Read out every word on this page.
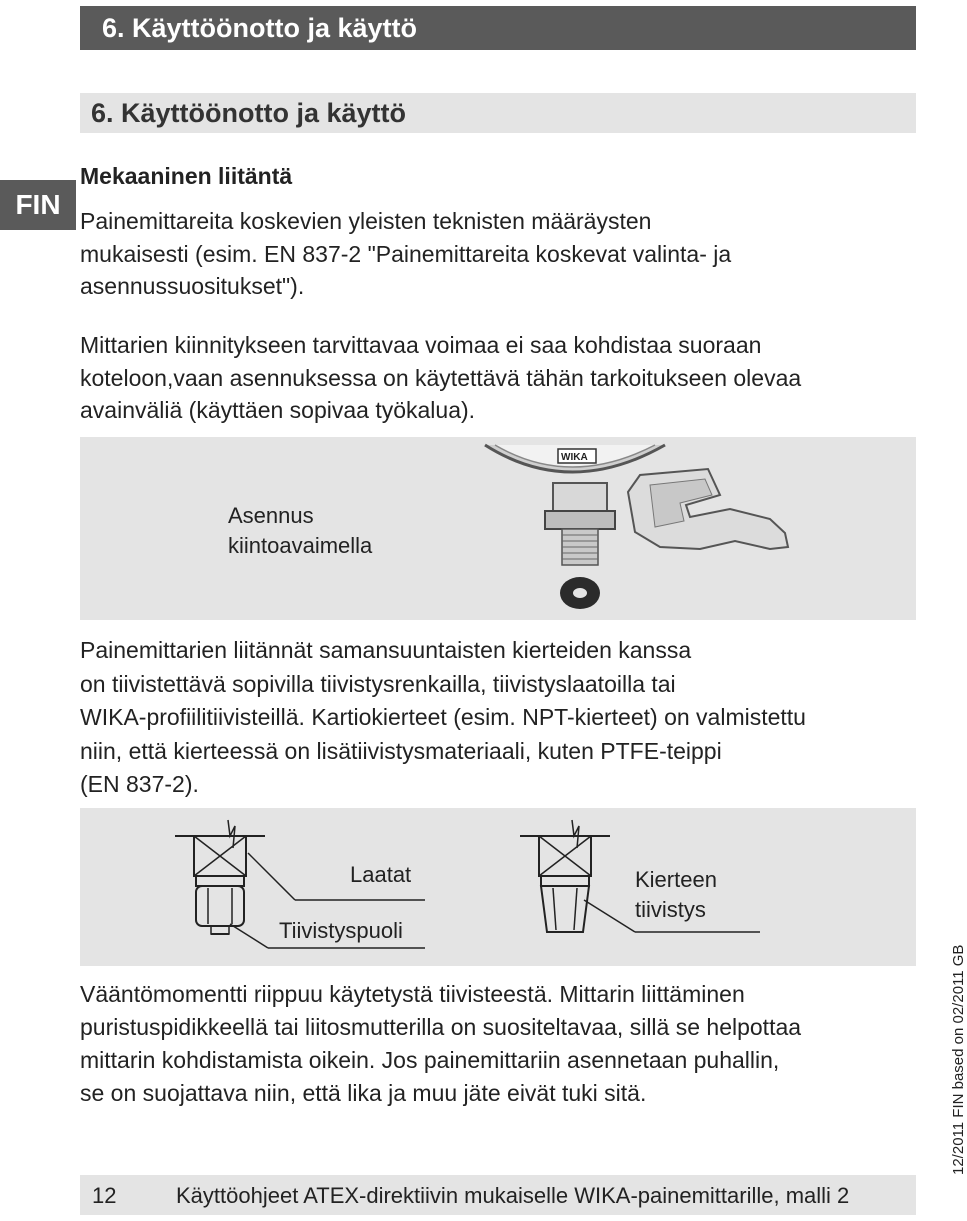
6. Käyttöönotto ja käyttö
6. Käyttöönotto ja käyttö
FIN
Mekaaninen liitäntä

Painemittareita koskevien yleisten teknisten määräysten
mukaisesti (esim. EN 837-2 "Painemittareita koskevat valinta- ja
asennussuositukset").

Mittarien kiinnitykseen tarvittavaa voimaa ei saa kohdistaa suoraan
koteloon,vaan asennuksessa on käytettävä tähän tarkoitukseen olevaa
avainväliä (käyttäen sopivaa työkalua).

Asennus
kiintoavaimella
WIKA

Painemittarien liitännät samansuuntaisten kierteiden kanssa
on tiivistettävä sopivilla tiivistysrenkailla, tiivistyslaatoilla tai
WIKA-profiilitiivisteillä. Kartiokierteet (esim. NPT-kierteet) on valmistettu
niin, että kierteessä on lisätiivistysmateriaali, kuten PTFE-teippi
(EN 837-2).

Laatat
Tiivistyspuoli
Kierteen
tiivistys

Vääntömomentti riippuu käytetystä tiivisteestä. Mittarin liittäminen
puristuspidikkeellä tai liitosmutterilla on suositeltavaa, sillä se helpottaa
mittarin kohdistamista oikein. Jos painemittariin asennetaan puhallin,
se on suojattava niin, että lika ja muu jäte eivät tuki sitä.

12	Käyttöohjeet ATEX-direktiivin mukaiselle WIKA-painemittarille, malli 2
12/2011 FIN based on 02/2011 GB
